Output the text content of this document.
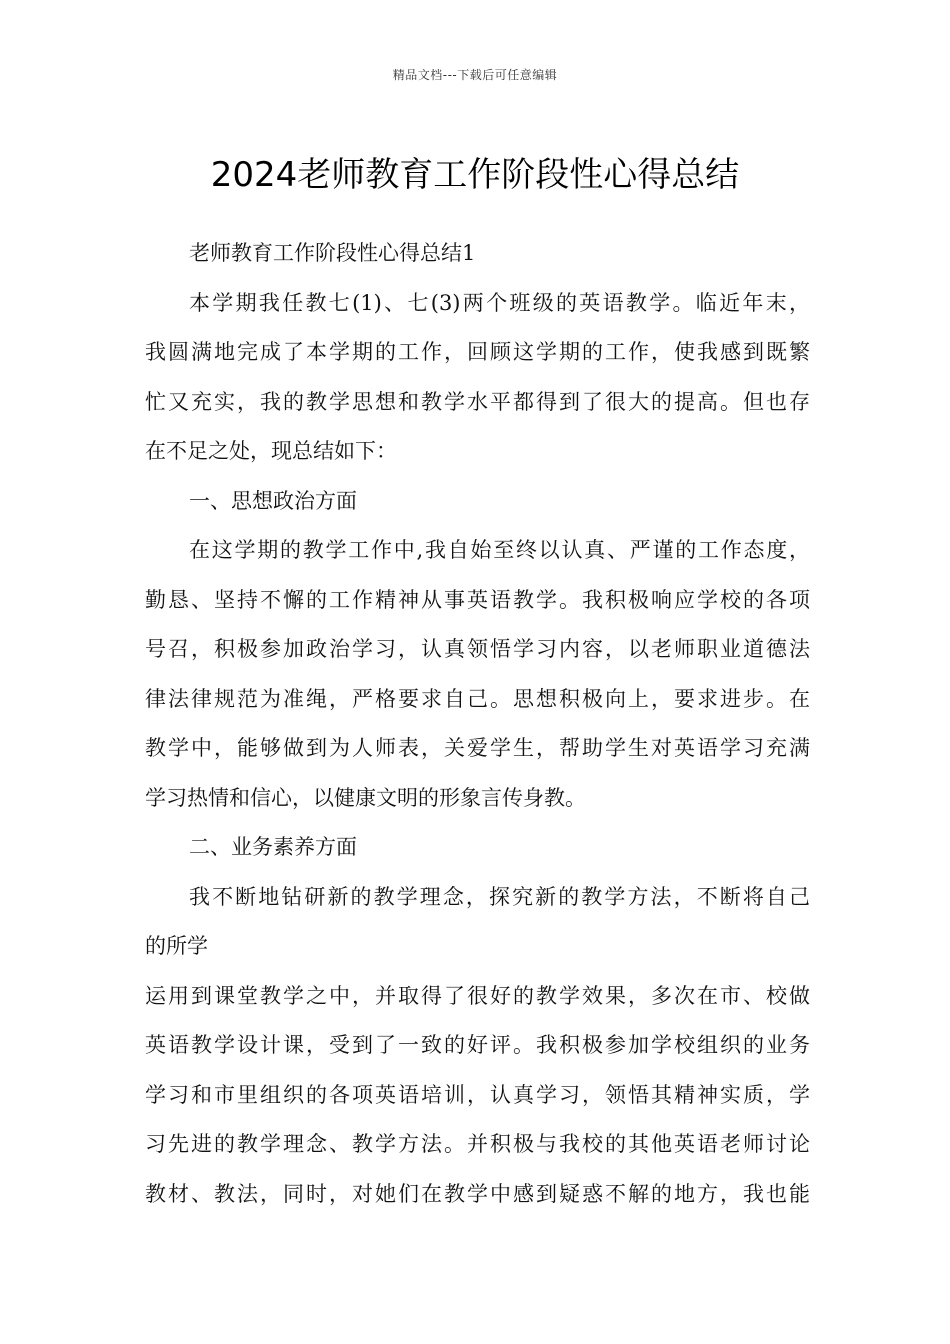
精品文档---下载后可任意编辑
2024老师教育工作阶段性心得总结
老师教育工作阶段性心得总结1
本学期我任教七(1)、七(3)两个班级的英语教学。临近年末，
我圆满地完成了本学期的工作，回顾这学期的工作，使我感到既繁
忙又充实，我的教学思想和教学水平都得到了很大的提高。但也存
在不足之处，现总结如下：
一、思想政治方面
在这学期的教学工作中,我自始至终以认真、严谨的工作态度，
勤恳、坚持不懈的工作精神从事英语教学。我积极响应学校的各项
号召，积极参加政治学习，认真领悟学习内容，以老师职业道德法
律法律规范为准绳，严格要求自己。思想积极向上，要求进步。在
教学中，能够做到为人师表，关爱学生，帮助学生对英语学习充满
学习热情和信心，以健康文明的形象言传身教。
二、业务素养方面
我不断地钻研新的教学理念，探究新的教学方法，不断将自己
的所学
运用到课堂教学之中，并取得了很好的教学效果，多次在市、校做
英语教学设计课，受到了一致的好评。我积极参加学校组织的业务
学习和市里组织的各项英语培训，认真学习，领悟其精神实质，学
习先进的教学理念、教学方法。并积极与我校的其他英语老师讨论
教材、教法，同时，对她们在教学中感到疑惑不解的地方，我也能
